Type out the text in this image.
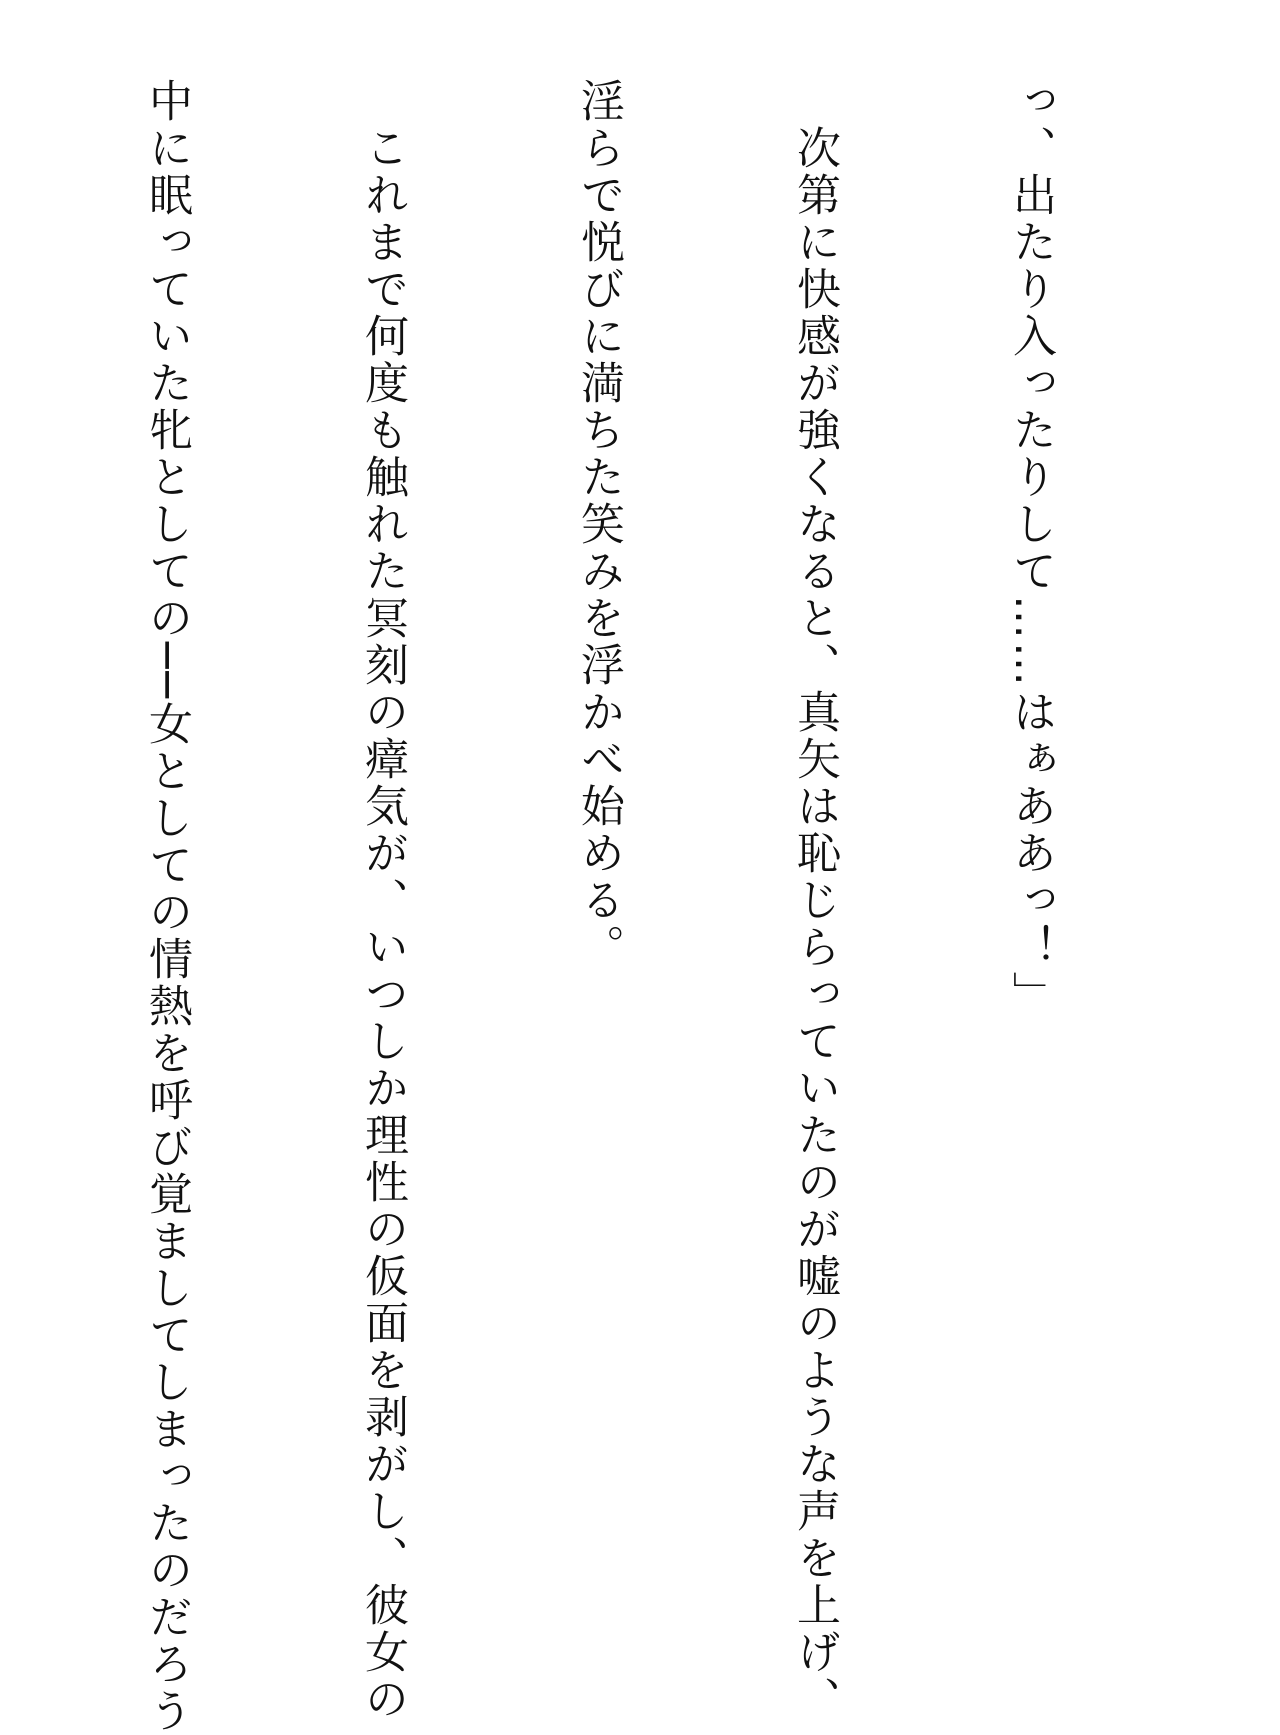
っ、出たり入ったりして……はぁああっ！」

　次第に快感が強くなると、真矢は恥じらっていたのが嘘のような声を上げ、

淫らで悦びに満ちた笑みを浮かべ始める。

　これまで何度も触れた冥刻の瘴気が、いつしか理性の仮面を剥がし、彼女の

中に眠っていた牝としての──女としての情熱を呼び覚ましてしまったのだろう
